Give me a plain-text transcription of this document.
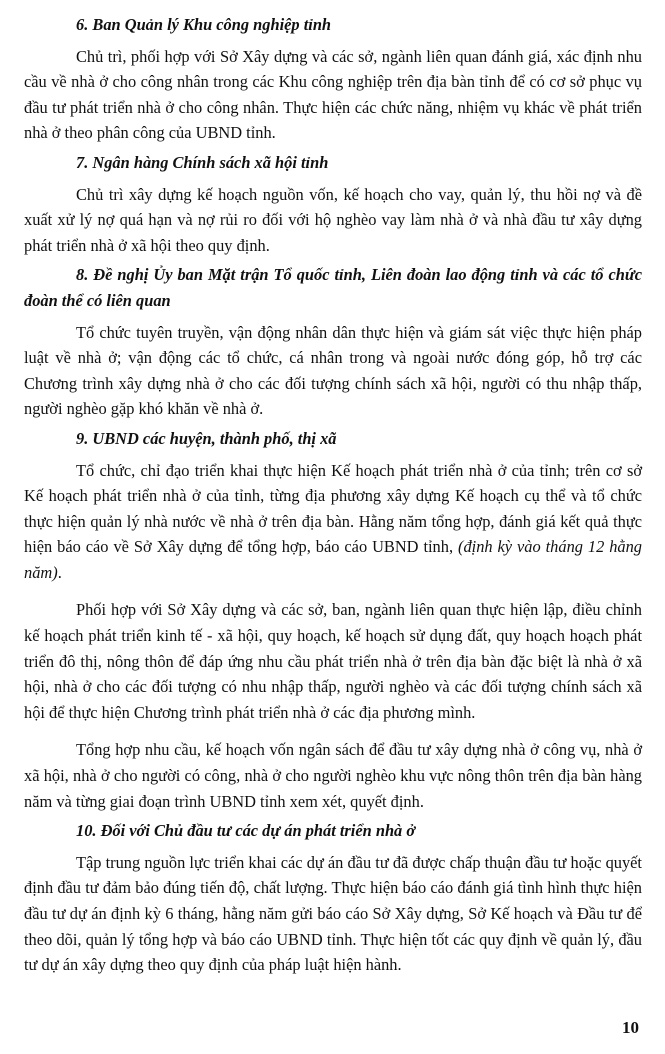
6. Ban Quản lý Khu công nghiệp tỉnh

Chủ trì, phối hợp với Sở Xây dựng và các sở, ngành liên quan đánh giá, xác định nhu cầu về nhà ở cho công nhân trong các Khu công nghiệp trên địa bàn tỉnh để có cơ sở phục vụ đầu tư phát triển nhà ở cho công nhân. Thực hiện các chức năng, nhiệm vụ khác về phát triển nhà ở theo phân công của UBND tỉnh.

7. Ngân hàng Chính sách xã hội tỉnh

Chủ trì xây dựng kế hoạch nguồn vốn, kế hoạch cho vay, quản lý, thu hồi nợ và đề xuất xử lý nợ quá hạn và nợ rủi ro đối với hộ nghèo vay làm nhà ở và nhà đầu tư xây dựng phát triển nhà ở xã hội theo quy định.

8. Đề nghị Ủy ban Mặt trận Tổ quốc tỉnh, Liên đoàn lao động tỉnh và các tổ chức đoàn thể có liên quan

Tổ chức tuyên truyền, vận động nhân dân thực hiện và giám sát việc thực hiện pháp luật về nhà ở; vận động các tổ chức, cá nhân trong và ngoài nước đóng góp, hỗ trợ các Chương trình xây dựng nhà ở cho các đối tượng chính sách xã hội, người có thu nhập thấp, người nghèo gặp khó khăn về nhà ở.

9. UBND các huyện, thành phố, thị xã

Tổ chức, chỉ đạo triển khai thực hiện Kế hoạch phát triển nhà ở của tỉnh; trên cơ sở Kế hoạch phát triển nhà ở của tỉnh, từng địa phương xây dựng Kế hoạch cụ thể và tổ chức thực hiện quản lý nhà nước về nhà ở trên địa bàn. Hằng năm tổng hợp, đánh giá kết quả thực hiện báo cáo về Sở Xây dựng để tổng hợp, báo cáo UBND tỉnh, (định kỳ vào tháng 12 hằng năm).

Phối hợp với Sở Xây dựng và các sở, ban, ngành liên quan thực hiện lập, điều chỉnh kế hoạch phát triển kinh tế - xã hội, quy hoạch, kế hoạch sử dụng đất, quy hoạch hoạch phát triển đô thị, nông thôn để đáp ứng nhu cầu phát triển nhà ở trên địa bàn đặc biệt là nhà ở xã hội, nhà ở cho các đối tượng có nhu nhập thấp, người nghèo và các đối tượng chính sách xã hội để thực hiện Chương trình phát triển nhà ở các địa phương mình.

Tổng hợp nhu cầu, kế hoạch vốn ngân sách để đầu tư xây dựng nhà ở công vụ, nhà ở xã hội, nhà ở cho người có công, nhà ở cho người nghèo khu vực nông thôn trên địa bàn hàng năm và từng giai đoạn trình UBND tỉnh xem xét, quyết định.

10. Đối với Chủ đầu tư các dự án phát triển nhà ở

Tập trung nguồn lực triển khai các dự án đầu tư đã được chấp thuận đầu tư hoặc quyết định đầu tư đảm bảo đúng tiến độ, chất lượng. Thực hiện báo cáo đánh giá tình hình thực hiện đầu tư dự án định kỳ 6 tháng, hằng năm gửi báo cáo Sở Xây dựng, Sở Kế hoạch và Đầu tư để theo dõi, quản lý tổng hợp và báo cáo UBND tỉnh. Thực hiện tốt các quy định về quản lý, đầu tư dự án xây dựng theo quy định của pháp luật hiện hành.

10
